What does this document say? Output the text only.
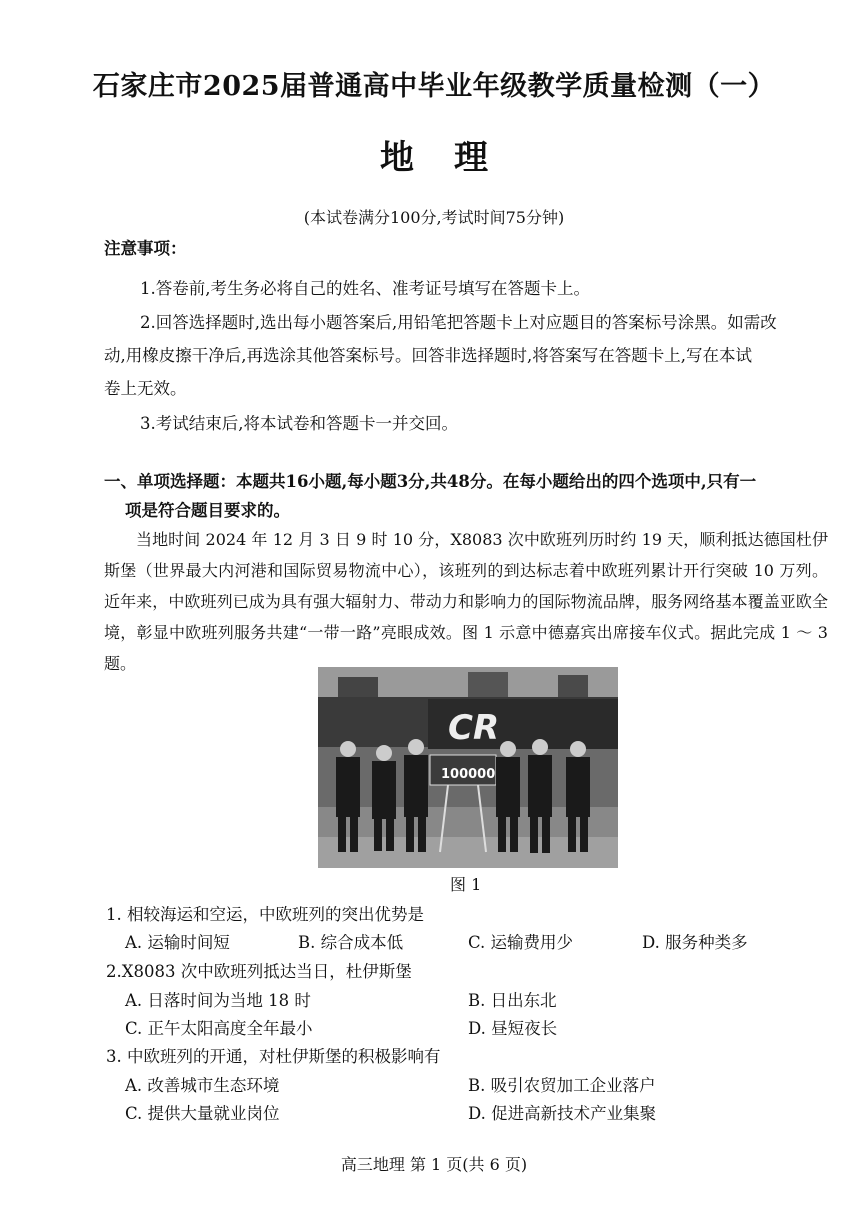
石家庄市2025届普通高中毕业年级教学质量检测（一）
地理
(本试卷满分100分,考试时间75分钟)
注意事项：
1.答卷前,考生务必将自己的姓名、准考证号填写在答题卡上。
2.回答选择题时,选出每小题答案后,用铅笔把答题卡上对应题目的答案标号涂黑。如需改
动,用橡皮擦干净后,再选涂其他答案标号。回答非选择题时,将答案写在答题卡上,写在本试
卷上无效。
3.考试结束后,将本试卷和答题卡一并交回。
一、单项选择题：本题共16小题,每小题3分,共48分。在每小题给出的四个选项中,只有一
项是符合题目要求的。
当地时间 2024 年 12 月 3 日 9 时 10 分，X8083 次中欧班列历时约 19 天，顺利抵达德国杜伊斯堡（世界最大内河港和国际贸易物流中心），该班列的到达标志着中欧班列累计开行突破 10 万列。近年来，中欧班列已成为具有强大辐射力、带动力和影响力的国际物流品牌，服务网络基本覆盖亚欧全境，彰显中欧班列服务共建“一带一路”亮眼成效。图 1 示意中德嘉宾出席接车仪式。据此完成 1 ～ 3 题。
CR
100000
图 1
1. 相较海运和空运，中欧班列的突出优势是
A. 运输时间短	B. 综合成本低	C. 运输费用少	D. 服务种类多
2.X8083 次中欧班列抵达当日，杜伊斯堡
A. 日落时间为当地 18 时	B. 日出东北
C. 正午太阳高度全年最小	D. 昼短夜长
3. 中欧班列的开通，对杜伊斯堡的积极影响有
A. 改善城市生态环境	B. 吸引农贸加工企业落户
C. 提供大量就业岗位	D. 促进高新技术产业集聚
高三地理 第 1 页(共 6 页)
